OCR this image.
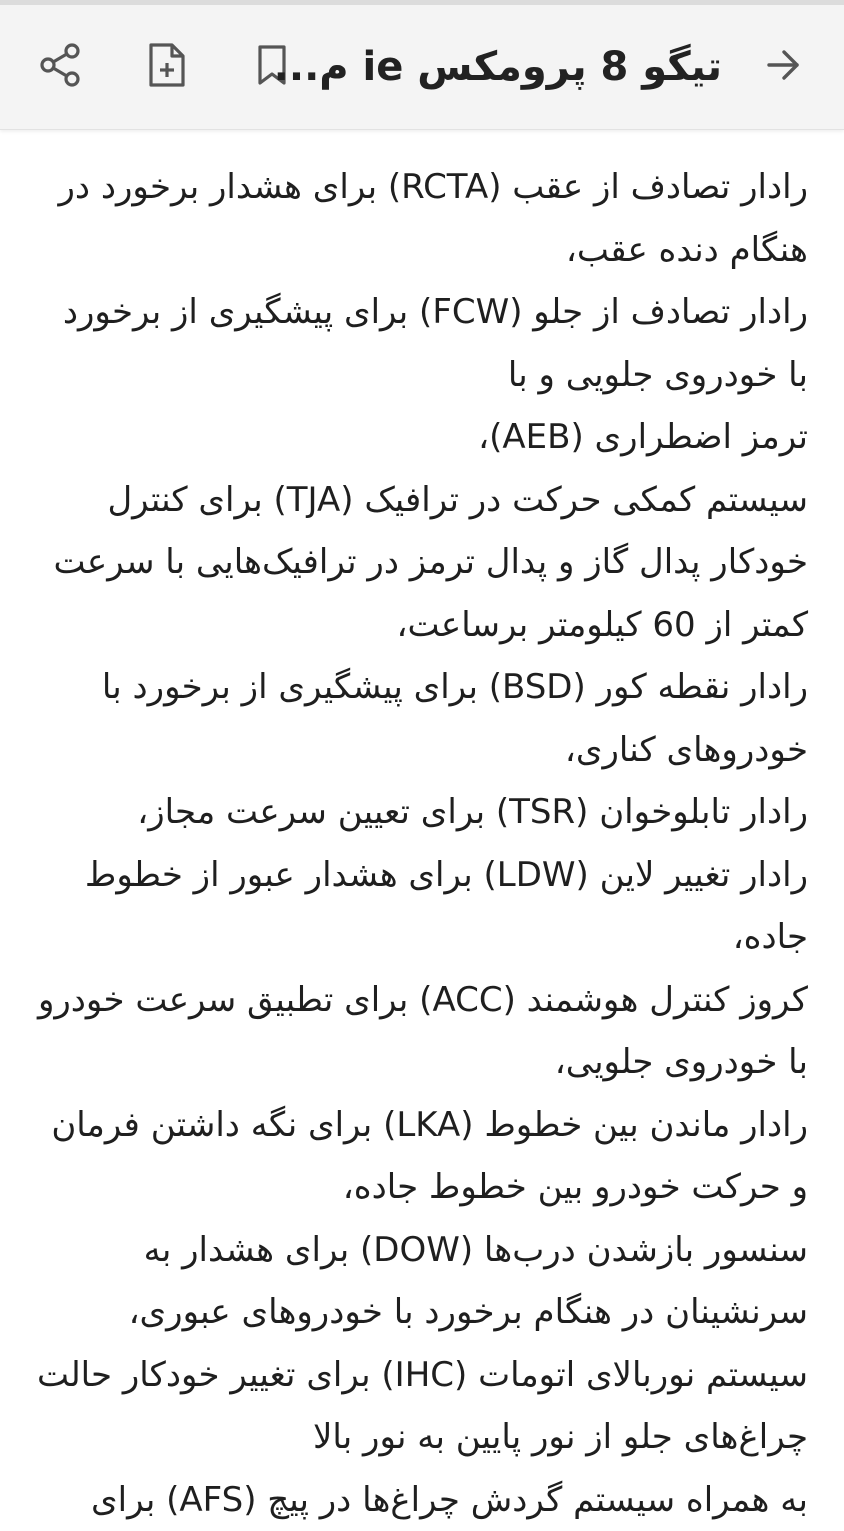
تیگو 8 پرومکس ie م...

رادار تصادف از عقب (RCTA) برای هشدار برخورد در هنگام دنده عقب،

رادار تصادف از جلو (FCW) برای پیشگیری از برخورد با خودروی جلویی و با

ترمز اضطراری (AEB)،

سیستم کمکی حرکت در ترافیک (TJA) برای کنترل خودکار پدال گاز و پدال ترمز در ترافیک‌هایی با سرعت کمتر از 60 کیلومتر برساعت،

رادار نقطه کور (BSD) برای پیشگیری از برخورد با خودروهای کناری،

رادار تابلوخوان (TSR) برای تعیین سرعت مجاز،

رادار تغییر لاین (LDW) برای هشدار عبور از خطوط جاده،

کروز کنترل هوشمند (ACC) برای تطبیق سرعت خودرو با خودروی جلویی،

رادار ماندن بین خطوط (LKA) برای نگه داشتن فرمان و حرکت خودرو بین خطوط جاده،

سنسور بازشدن درب‌ها (DOW) برای هشدار به سرنشینان در هنگام برخورد با خودروهای عبوری،

سیستم نوربالای اتومات (IHC) برای تغییر خودکار حالت چراغ‌های جلو از نور پایین به نور بالا

به همراه سیستم گردش چراغ‌ها در پیچ (AFS) برای
